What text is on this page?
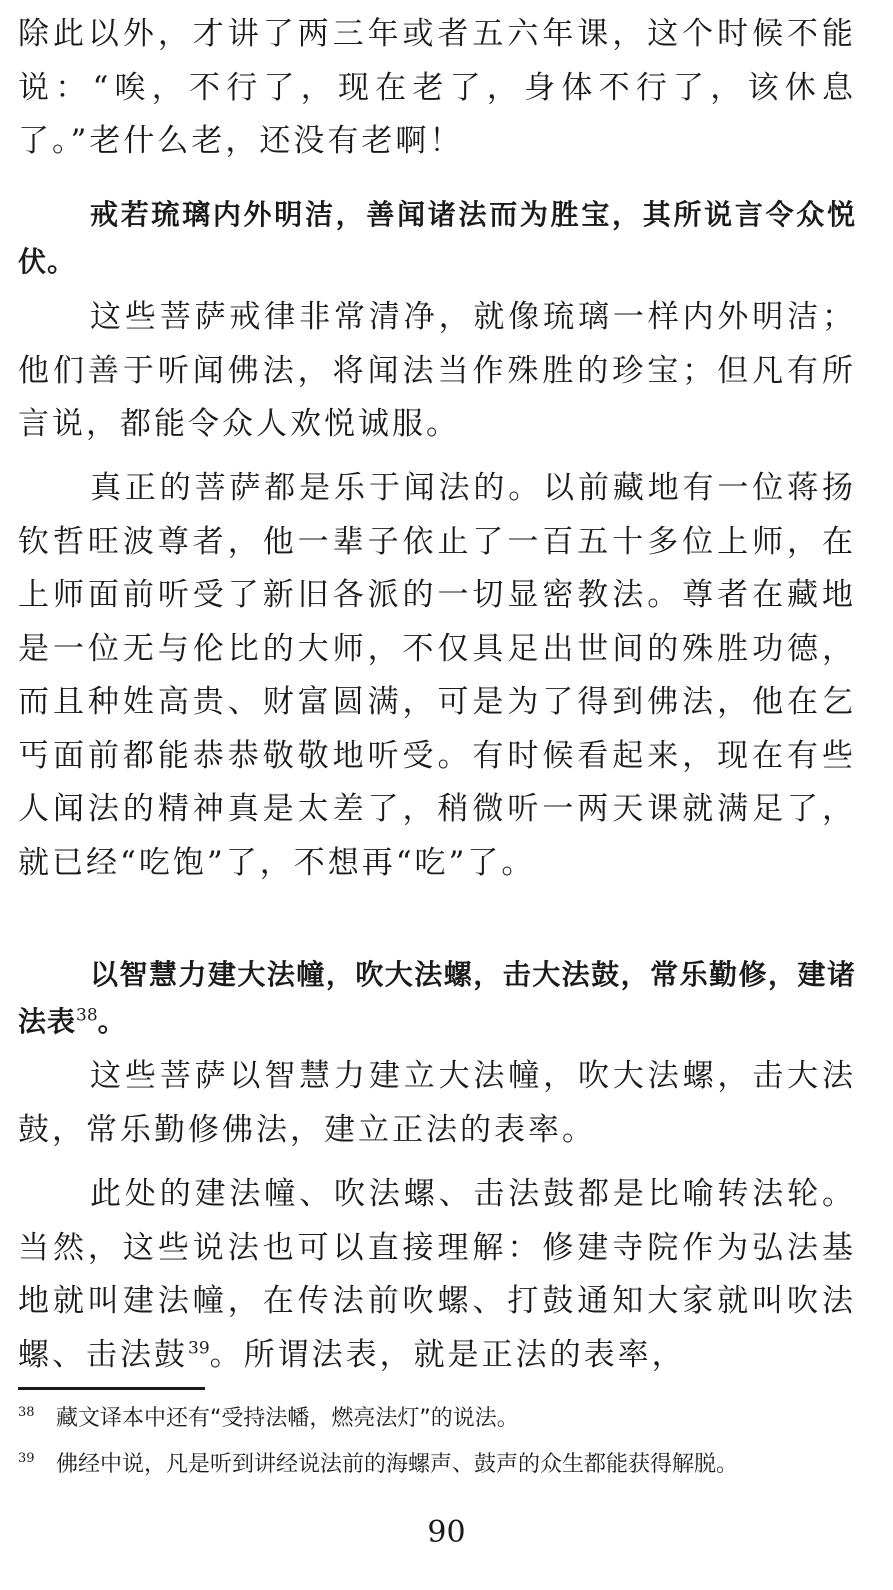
除此以外，才讲了两三年或者五六年课，这个时候不能说：“唉，不行了，现在老了，身体不行了，该休息了。”老什么老，还没有老啊！

戒若琉璃内外明洁，善闻诸法而为胜宝，其所说言令众悦伏。

这些菩萨戒律非常清净，就像琉璃一样内外明洁；他们善于听闻佛法，将闻法当作殊胜的珍宝；但凡有所言说，都能令众人欢悦诚服。

真正的菩萨都是乐于闻法的。以前藏地有一位蒋扬钦哲旺波尊者，他一辈子依止了一百五十多位上师，在上师面前听受了新旧各派的一切显密教法。尊者在藏地是一位无与伦比的大师，不仅具足出世间的殊胜功德，而且种姓高贵、财富圆满，可是为了得到佛法，他在乞丐面前都能恭恭敬敬地听受。有时候看起来，现在有些人闻法的精神真是太差了，稍微听一两天课就满足了，就已经“吃饱”了，不想再“吃”了。

以智慧力建大法幢，吹大法螺，击大法鼓，常乐勤修，建诸法表$^{38}$。

这些菩萨以智慧力建立大法幢，吹大法螺，击大法鼓，常乐勤修佛法，建立正法的表率。

此处的建法幢、吹法螺、击法鼓都是比喻转法轮。当然，这些说法也可以直接理解：修建寺院作为弘法基地就叫建法幢，在传法前吹螺、打鼓通知大家就叫吹法螺、击法鼓$^{39}$。所谓法表，就是正法的表率，

38 藏文译本中还有“受持法幡，燃亮法灯”的说法。
39 佛经中说，凡是听到讲经说法前的海螺声、鼓声的众生都能获得解脱。
90
